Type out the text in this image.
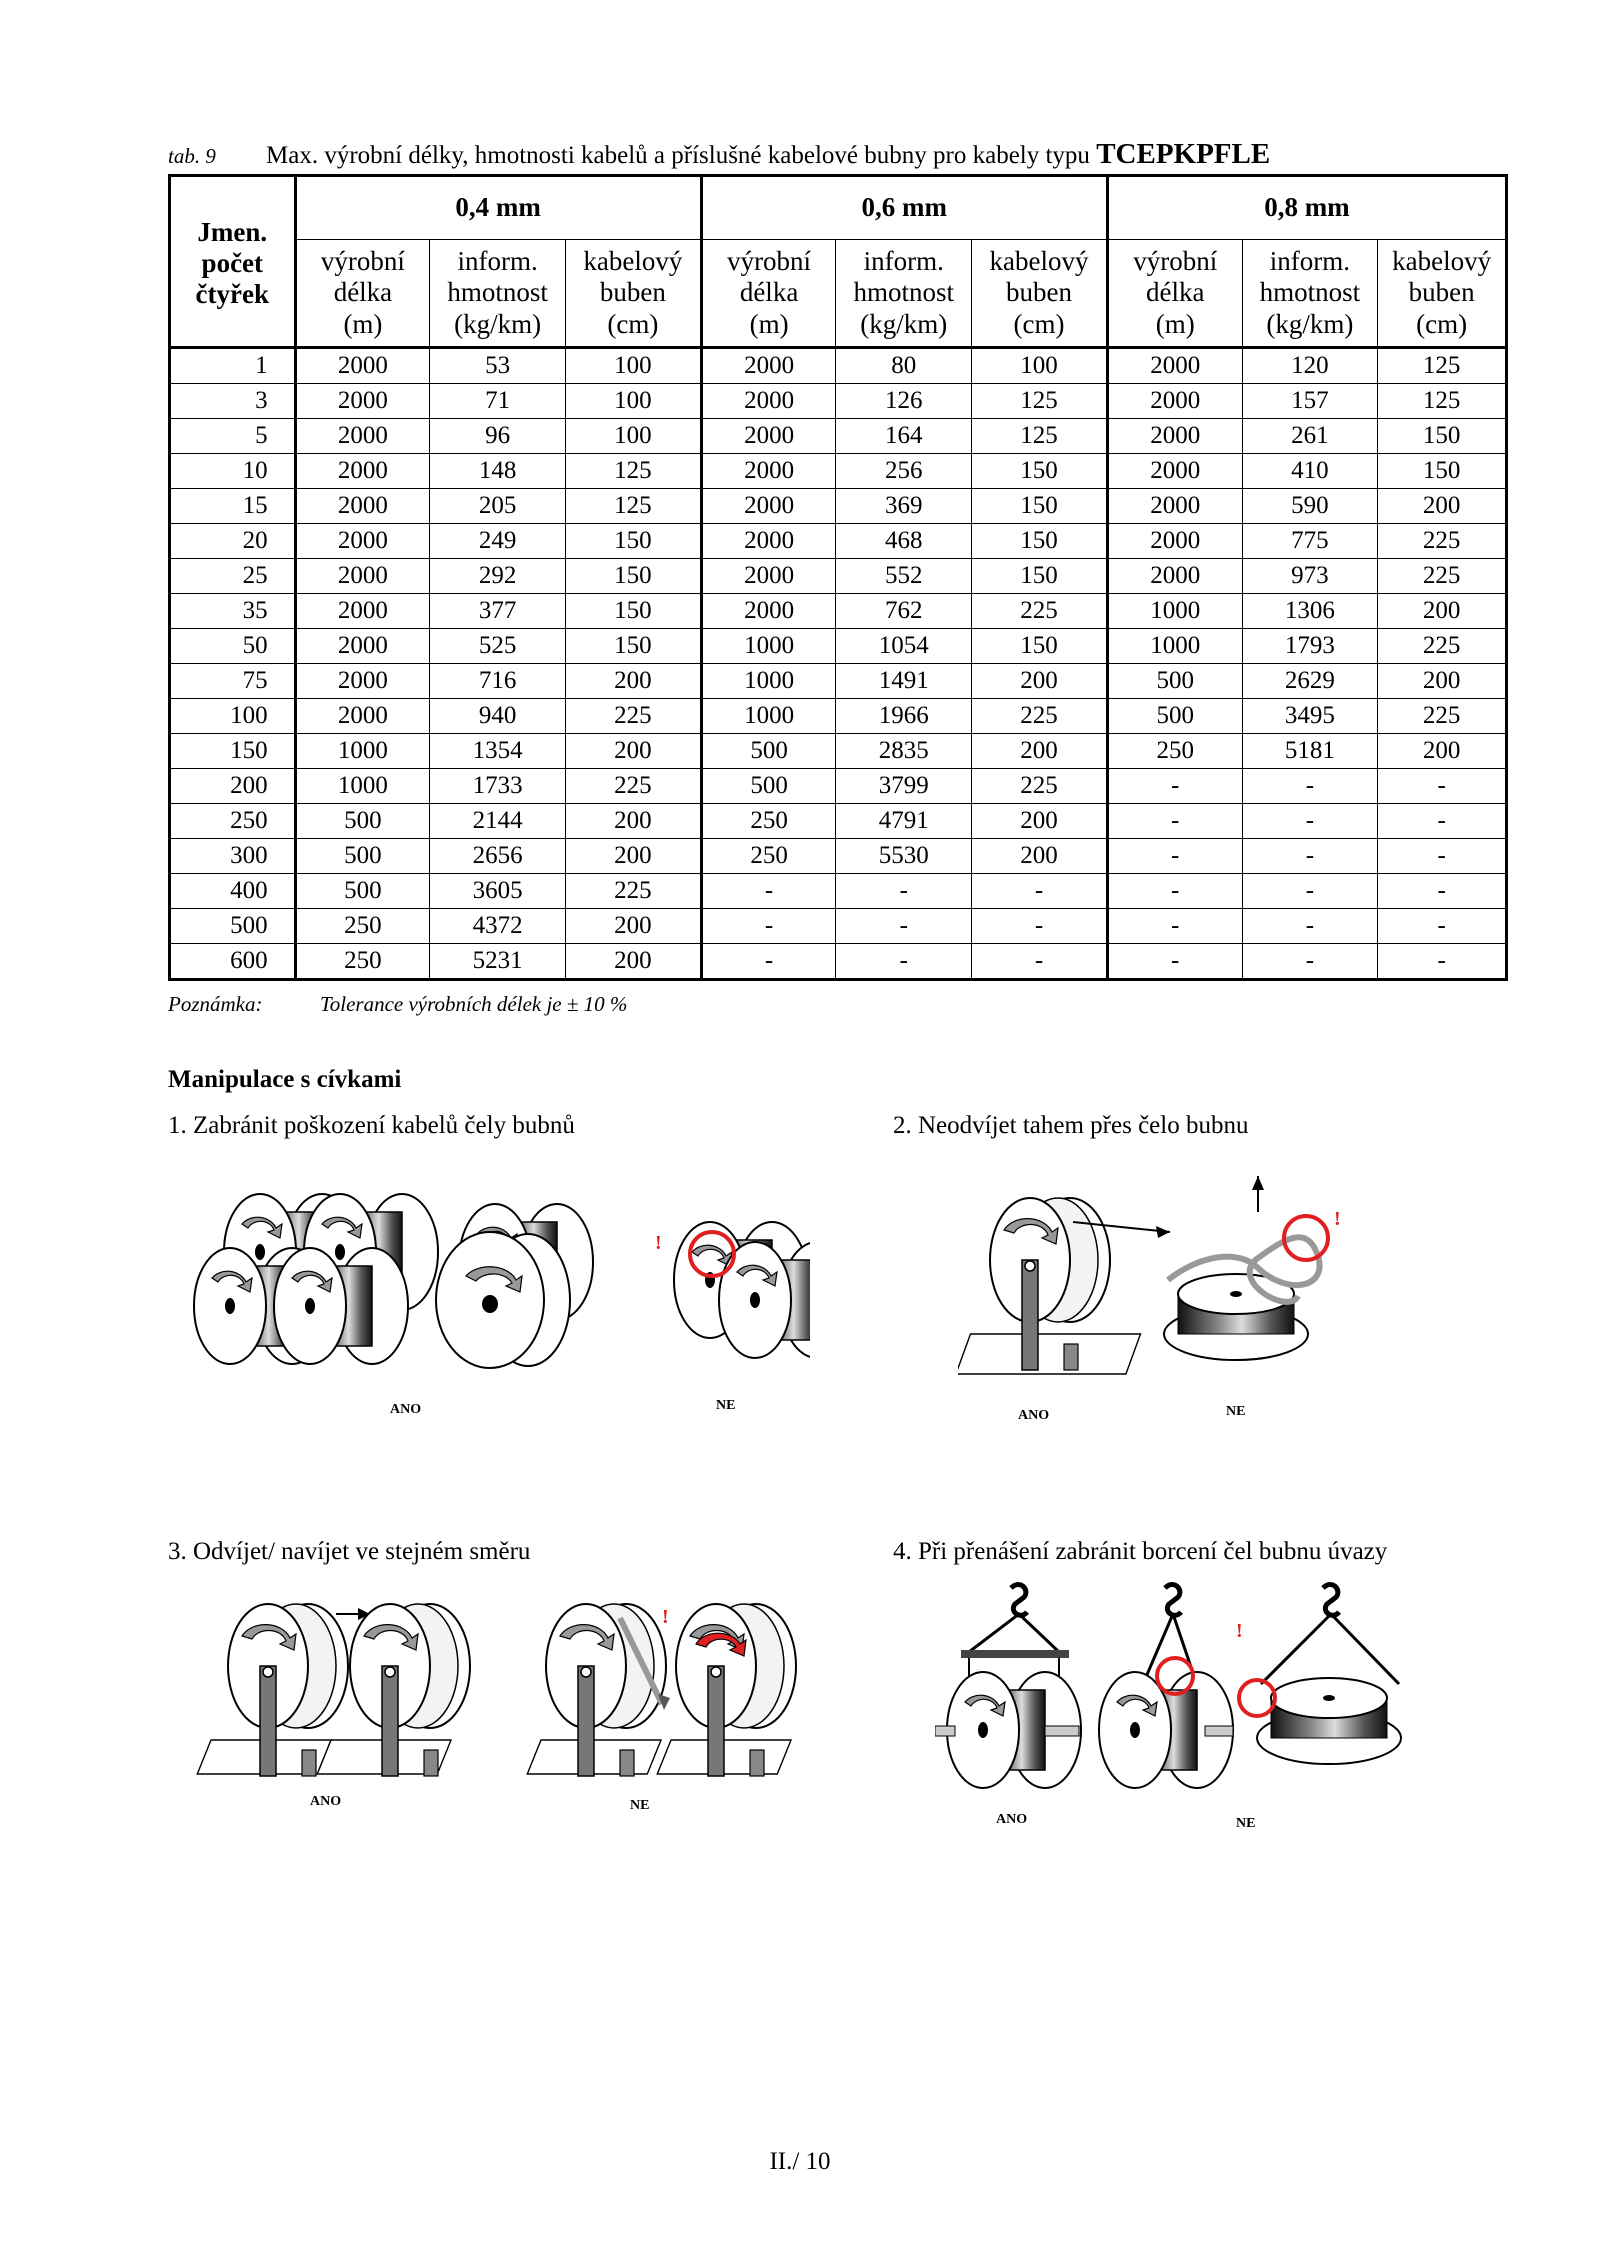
tab. 9 Max. výrobní délky, hmotnosti kabelů a příslušné kabelové bubny pro kabely typu TCEPKPFLE
Jmen.
počet
čtyřek	0,4 mm			0,6 mm			0,8 mm		
	výrobní
délka
(m)	inform.
hmotnost
(kg/km)	kabelový
buben
(cm)	výrobní
délka
(m)	inform.
hmotnost
(kg/km)	kabelový
buben
(cm)	výrobní
délka
(m)	inform.
hmotnost
(kg/km)	kabelový
buben
(cm)
1	2000	53	100	2000	80	100	2000	120	125
3	2000	71	100	2000	126	125	2000	157	125
5	2000	96	100	2000	164	125	2000	261	150
10	2000	148	125	2000	256	150	2000	410	150
15	2000	205	125	2000	369	150	2000	590	200
20	2000	249	150	2000	468	150	2000	775	225
25	2000	292	150	2000	552	150	2000	973	225
35	2000	377	150	2000	762	225	1000	1306	200
50	2000	525	150	1000	1054	150	1000	1793	225
75	2000	716	200	1000	1491	200	500	2629	200
100	2000	940	225	1000	1966	225	500	3495	225
150	1000	1354	200	500	2835	200	250	5181	200
200	1000	1733	225	500	3799	225	-	-	-
250	500	2144	200	250	4791	200	-	-	-
300	500	2656	200	250	5530	200	-	-	-
400	500	3605	225	-	-	-	-	-	-
500	250	4372	200	-	-	-	-	-	-
600	250	5231	200	-	-	-	-	-	-
Poznámka:	Tolerance výrobních délek je ± 10 %
Manipulace s cívkami
1. Zabránit poškození kabelů čely bubnů	2. Neodvíjet tahem přes čelo bubnu
3. Odvíjet/ navíjet ve stejném směru	4. Při přenášení zabránit borcení čel bubnu úvazy
ANO
!
NE
!
ANO	NE
ANO
!
NE
!
ANO	NE
II./ 10
